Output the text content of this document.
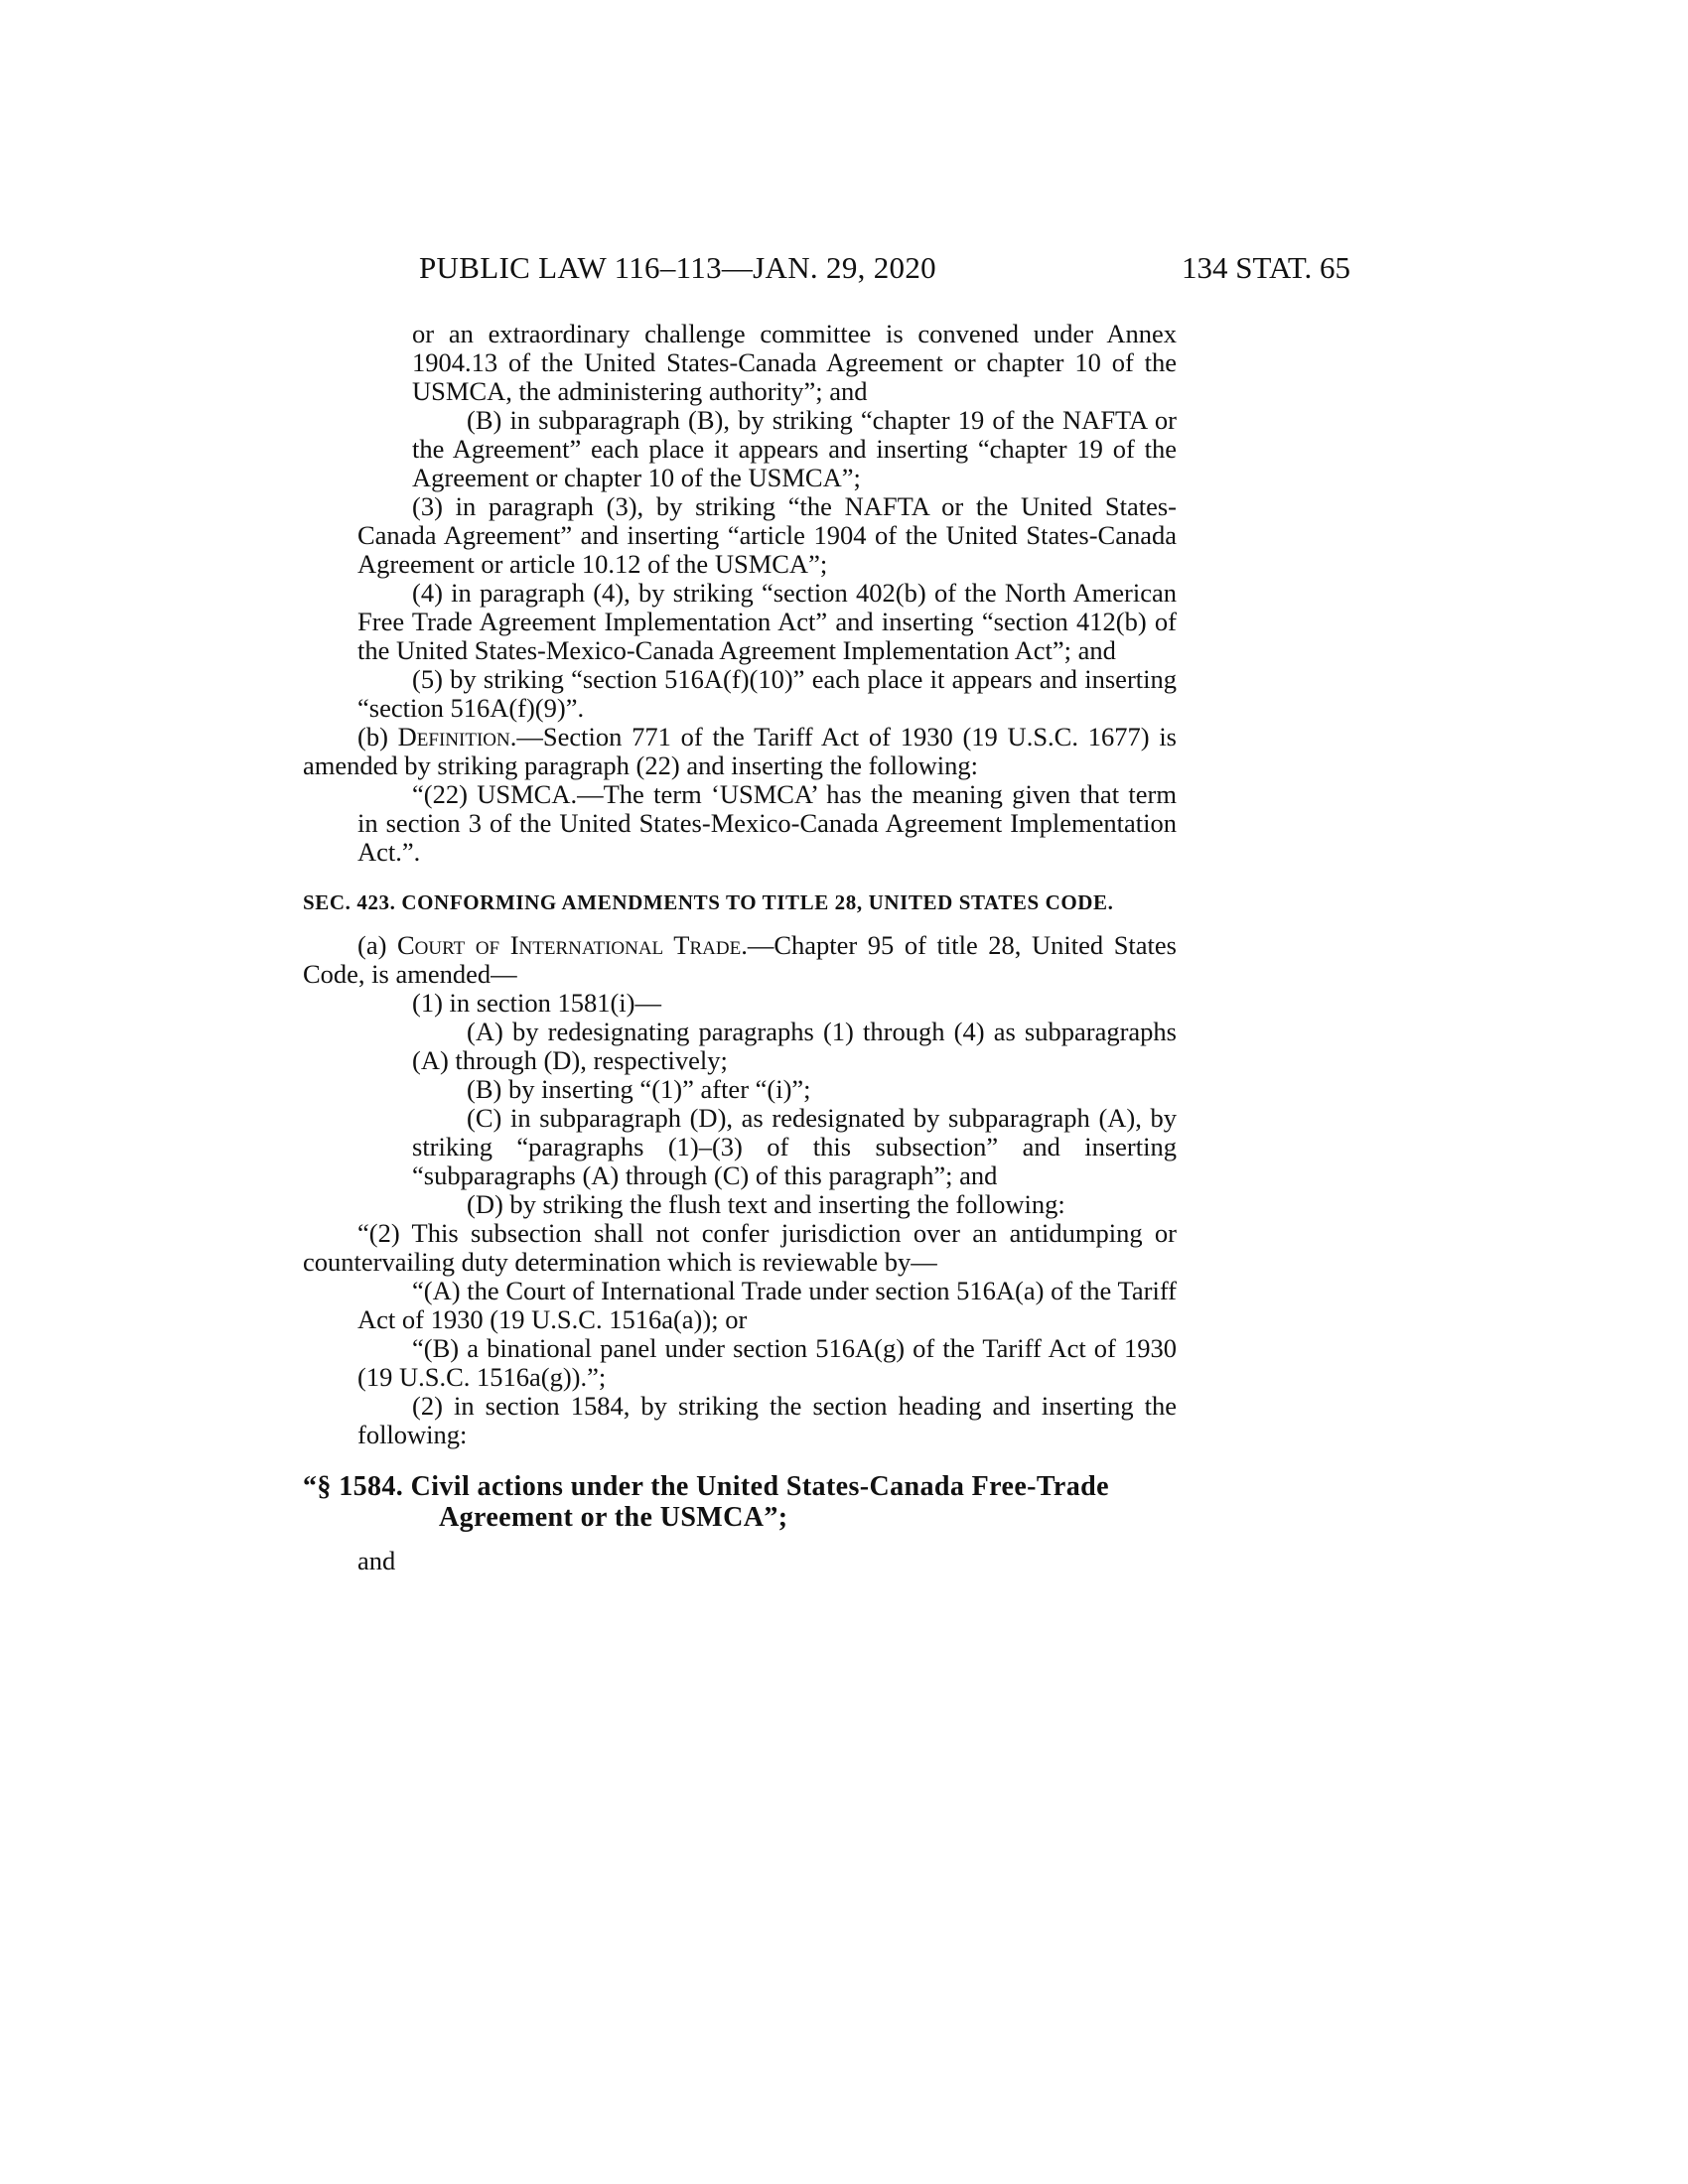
PUBLIC LAW 116–113—JAN. 29, 2020	134 STAT. 65

or an extraordinary challenge committee is convened under Annex 1904.13 of the United States-Canada Agreement or chapter 10 of the USMCA, the administering authority”; and

(B) in subparagraph (B), by striking “chapter 19 of the NAFTA or the Agreement” each place it appears and inserting “chapter 19 of the Agreement or chapter 10 of the USMCA”;

(3) in paragraph (3), by striking “the NAFTA or the United States-Canada Agreement” and inserting “article 1904 of the United States-Canada Agreement or article 10.12 of the USMCA”;

(4) in paragraph (4), by striking “section 402(b) of the North American Free Trade Agreement Implementation Act” and inserting “section 412(b) of the United States-Mexico-Canada Agreement Implementation Act”; and

(5) by striking “section 516A(f)(10)” each place it appears and inserting “section 516A(f)(9)”.

(b) Definition.—Section 771 of the Tariff Act of 1930 (19 U.S.C. 1677) is amended by striking paragraph (22) and inserting the following:

“(22) USMCA.—The term ‘USMCA’ has the meaning given that term in section 3 of the United States-Mexico-Canada Agreement Implementation Act.”.

SEC. 423. CONFORMING AMENDMENTS TO TITLE 28, UNITED STATES CODE.

(a) Court of International Trade.—Chapter 95 of title 28, United States Code, is amended—

(1) in section 1581(i)—

(A) by redesignating paragraphs (1) through (4) as subparagraphs (A) through (D), respectively;

(B) by inserting “(1)” after “(i)”;

(C) in subparagraph (D), as redesignated by subparagraph (A), by striking “paragraphs (1)–(3) of this subsection” and inserting “subparagraphs (A) through (C) of this paragraph”; and

(D) by striking the flush text and inserting the following:

“(2) This subsection shall not confer jurisdiction over an antidumping or countervailing duty determination which is reviewable by—

“(A) the Court of International Trade under section 516A(a) of the Tariff Act of 1930 (19 U.S.C. 1516a(a)); or

“(B) a binational panel under section 516A(g) of the Tariff Act of 1930 (19 U.S.C. 1516a(g)).”;

(2) in section 1584, by striking the section heading and inserting the following:

“§ 1584. Civil actions under the United States-Canada Free-Trade Agreement or the USMCA”;

and
